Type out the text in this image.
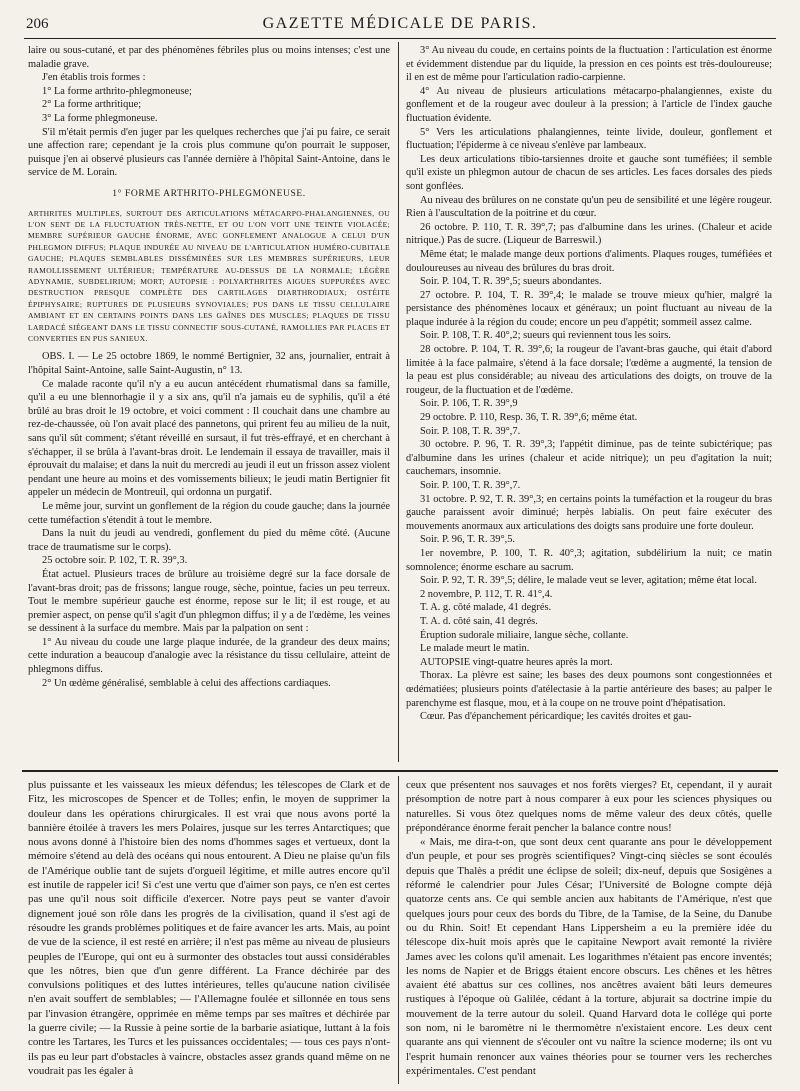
206	GAZETTE MÉDICALE DE PARIS.

laire ou sous-cutané, et par des phénomènes fébriles plus ou moins intenses; c'est une maladie grave.

J'en établis trois formes :

1° La forme arthrito-phlegmoneuse;

2° La forme arthritique;

3° La forme phlegmoneuse.

S'il m'était permis d'en juger par les quelques recherches que j'ai pu faire, ce serait une affection rare; cependant je la crois plus commune qu'on pourrait le supposer, puisque j'en ai observé plusieurs cas l'année dernière à l'hôpital Saint-Antoine, dans le service de M. Lorain.

1° FORME ARTHRITO-PHLEGMONEUSE.

ARTHRITES MULTIPLES, SURTOUT DES ARTICULATIONS MÉTACARPO-PHALANGIENNES, OU L'ON SENT DE LA FLUCTUATION TRÈS-NETTE, ET OU L'ON VOIT UNE TEINTE VIOLACÉE; MEMBRE SUPÉRIEUR GAUCHE ÉNORME, AVEC GONFLEMENT ANALOGUE A CELUI D'UN PHLEGMON DIFFUS; PLAQUE INDURÉE AU NIVEAU DE L'ARTICULATION HUMÉRO-CUBITALE GAUCHE; PLAQUES SEMBLABLES DISSÉMINÉES SUR LES MEMBRES SUPÉRIEURS, LEUR RAMOLLISSEMENT ULTÉRIEUR; TEMPÉRATURE AU-DESSUS DE LA NORMALE; LÉGÈRE ADYNAMIE, SUBDELIRIUM; MORT; AUTOPSIE : POLYARTHRITES AIGUES SUPPURÉES AVEC DESTRUCTION PRESQUE COMPLÈTE DES CARTILAGES DIARTHRODIAUX; OSTÉITE ÉPIPHYSAIRE; RUPTURES DE PLUSIEURS SYNOVIALES; PUS DANS LE TISSU CELLULAIRE AMBIANT ET EN CERTAINS POINTS DANS LES GAÎNES DES MUSCLES; PLAQUES DE TISSU LARDACÉ SIÉGEANT DANS LE TISSU CONNECTIF SOUS-CUTANÉ, RAMOLLIES PAR PLACES ET CONVERTIES EN PUS SANIEUX.

OBS. I. — Le 25 octobre 1869, le nommé Bertignier, 32 ans, journalier, entrait à l'hôpital Saint-Antoine, salle Saint-Augustin, n° 13.

Ce malade raconte qu'il n'y a eu aucun antécédent rhumatismal dans sa famille, qu'il a eu une blennorhagie il y a six ans, qu'il n'a jamais eu de syphilis, qu'il a été brûlé au bras droit le 19 octobre, et voici comment : Il couchait dans une chambre au rez-de-chaussée, où l'on avait placé des pannetons, qui prirent feu au milieu de la nuit, sans qu'il sût comment; s'étant réveillé en sursaut, il fut très-effrayé, et en cherchant à s'échapper, il se brûla à l'avant-bras droit. Le lendemain il essaya de travailler, mais il éprouvait du malaise; et dans la nuit du mercredi au jeudi il eut un frisson assez violent pendant une heure au moins et des vomissements bilieux; le jeudi matin Bertignier fit appeler un médecin de Montreuil, qui ordonna un purgatif.

Le même jour, survint un gonflement de la région du coude gauche; dans la journée cette tuméfaction s'étendit à tout le membre.

Dans la nuit du jeudi au vendredi, gonflement du pied du même côté. (Aucune trace de traumatisme sur le corps).

25 octobre soir. P. 102, T. R. 39°,3.

État actuel. Plusieurs traces de brûlure au troisième degré sur la face dorsale de l'avant-bras droit; pas de frissons; langue rouge, sèche, pointue, facies un peu terreux. Tout le membre supérieur gauche est énorme, repose sur le lit; il est rouge, et au premier aspect, on pense qu'il s'agit d'un phlegmon diffus; il y a de l'œdème, les veines se dessinent à la surface du membre. Mais par la palpation on sent :

1° Au niveau du coude une large plaque indurée, de la grandeur des deux mains; cette induration a beaucoup d'analogie avec la résistance du tissu cellulaire, atteint de phlegmons diffus.

2° Un œdème généralisé, semblable à celui des affections cardiaques.

3° Au niveau du coude, en certains points de la fluctuation : l'articulation est énorme et évidemment distendue par du liquide, la pression en ces points est très-douloureuse; il en est de même pour l'articulation radio-carpienne.

4° Au niveau de plusieurs articulations métacarpo-phalangiennes, existe du gonflement et de la rougeur avec douleur à la pression; à l'article de l'index gauche fluctuation évidente.

5° Vers les articulations phalangiennes, teinte livide, douleur, gonflement et fluctuation; l'épiderme à ce niveau s'enlève par lambeaux.

Les deux articulations tibio-tarsiennes droite et gauche sont tuméfiées; il semble qu'il existe un phlegmon autour de chacun de ses articles. Les faces dorsales des pieds sont gonflées.

Au niveau des brûlures on ne constate qu'un peu de sensibilité et une légère rougeur. Rien à l'auscultation de la poitrine et du cœur.

26 octobre. P. 110, T. R. 39°,7; pas d'albumine dans les urines. (Chaleur et acide nitrique.) Pas de sucre. (Liqueur de Barreswil.)

Même état; le malade mange deux portions d'aliments. Plaques rouges, tuméfiées et douloureuses au niveau des brûlures du bras droit.

Soir. P. 104, T. R. 39°,5; sueurs abondantes.

27 octobre. P. 104, T. R. 39°,4; le malade se trouve mieux qu'hier, malgré la persistance des phénomènes locaux et généraux; un point fluctuant au niveau de la plaque indurée à la région du coude; encore un peu d'appétit; sommeil assez calme.

Soir. P. 108, T. R. 40°,2; sueurs qui reviennent tous les soirs.

28 octobre. P. 104, T. R. 39°,6; la rougeur de l'avant-bras gauche, qui était d'abord limitée à la face palmaire, s'étend à la face dorsale; l'œdème a augmenté, la tension de la peau est plus considérable; au niveau des articulations des doigts, on trouve de la rougeur, de la fluctuation et de l'œdème.

Soir. P. 106, T. R. 39°,9

29 octobre. P. 110, Resp. 36, T. R. 39°,6; même état.

Soir. P. 108, T. R. 39°,7.

30 octobre. P. 96, T. R. 39°,3; l'appétit diminue, pas de teinte subictérique; pas d'albumine dans les urines (chaleur et acide nitrique); un peu d'agitation la nuit; cauchemars, insomnie.

Soir. P. 100, T. R. 39°,7.

31 octobre. P. 92, T. R. 39°,3; en certains points la tuméfaction et la rougeur du bras gauche paraissent avoir diminué; herpès labialis. On peut faire exécuter des mouvements anormaux aux articulations des doigts sans produire une forte douleur.

Soir. P. 96, T. R. 39°,5.

1er novembre, P. 100, T. R. 40°,3; agitation, subdélirium la nuit; ce matin somnolence; énorme eschare au sacrum.

Soir. P. 92, T. R. 39°,5; délire, le malade veut se lever, agitation; même état local.

2 novembre, P. 112, T. R. 41°,4.

T. A. g. côté malade, 41 degrés.

T. A. d. côté sain, 41 degrés.

Éruption sudorale miliaire, langue sèche, collante.

Le malade meurt le matin.

AUTOPSIE vingt-quatre heures après la mort.

Thorax. La plèvre est saine; les bases des deux poumons sont congestionnées et œdématiées; plusieurs points d'atélectasie à la partie antérieure des bases; au palper le parenchyme est flasque, mou, et à la coupe on ne trouve point d'hépatisation.

Cœur. Pas d'épanchement péricardique; les cavités droites et gau-

plus puissante et les vaisseaux les mieux défendus; les télescopes de Clark et de Fitz, les microscopes de Spencer et de Tolles; enfin, le moyen de supprimer la douleur dans les opérations chirurgicales. Il est vrai que nous avons porté la bannière étoilée à travers les mers Polaires, jusque sur les terres Antarctiques; que nous avons donné à l'histoire bien des noms d'hommes sages et vertueux, dont la mémoire s'étend au delà des océans qui nous entourent. A Dieu ne plaise qu'un fils de l'Amérique oublie tant de sujets d'orgueil légitime, et mille autres encore qu'il est inutile de rappeler ici! Si c'est une vertu que d'aimer son pays, ce n'en est certes pas une qu'il nous soit difficile d'exercer. Notre pays peut se vanter d'avoir dignement joué son rôle dans les progrès de la civilisation, quand il s'est agi de résoudre les grands problèmes politiques et de faire avancer les arts. Mais, au point de vue de la science, il est resté en arrière; il n'est pas même au niveau de plusieurs peuples de l'Europe, qui ont eu à surmonter des obstacles tout aussi considérables que les nôtres, bien que d'un genre différent. La France déchirée par des convulsions politiques et des luttes intérieures, telles qu'aucune nation civilisée n'en avait souffert de semblables; — l'Allemagne foulée et sillonnée en tous sens par l'invasion étrangère, opprimée en même temps par ses maîtres et déchirée par la guerre civile; — la Russie à peine sortie de la barbarie asiatique, luttant à la fois contre les Tartares, les Turcs et les puissances occidentales; — tous ces pays n'ont-ils pas eu leur part d'obstacles à vaincre, obstacles assez grands quand même on ne voudrait pas les égaler à

ceux que présentent nos sauvages et nos forêts vierges? Et, cependant, il y aurait présomption de notre part à nous comparer à eux pour les sciences physiques ou naturelles. Si vous ôtez quelques noms de même valeur des deux côtés, quelle prépondérance énorme ferait pencher la balance contre nous!

« Mais, me dira-t-on, que sont deux cent quarante ans pour le développement d'un peuple, et pour ses progrès scientifiques? Vingt-cinq siècles se sont écoulés depuis que Thalès a prédit une éclipse de soleil; dix-neuf, depuis que Sosigènes a réformé le calendrier pour Jules César; l'Université de Bologne compte déjà quatorze cents ans. Ce qui semble ancien aux habitants de l'Amérique, n'est que quelques jours pour ceux des bords du Tibre, de la Tamise, de la Seine, du Danube ou du Rhin. Soit! Et cependant Hans Lippersheim a eu la première idée du télescope dix-huit mois après que le capitaine Newport avait remonté la rivière James avec les colons qu'il amenait. Les logarithmes n'étaient pas encore inventés; les noms de Napier et de Briggs étaient encore obscurs. Les chênes et les hêtres avaient été abattus sur ces collines, nos ancêtres avaient bâti leurs demeures rustiques à l'époque où Galilée, cédant à la torture, abjurait sa doctrine impie du mouvement de la terre autour du soleil. Quand Harvard dota le collége qui porte son nom, ni le baromètre ni le thermomètre n'existaient encore. Les deux cent quarante ans qui viennent de s'écouler ont vu naître la science moderne; ils ont vu l'esprit humain renoncer aux vaines théories pour se tourner vers les recherches expérimentales. C'est pendant
